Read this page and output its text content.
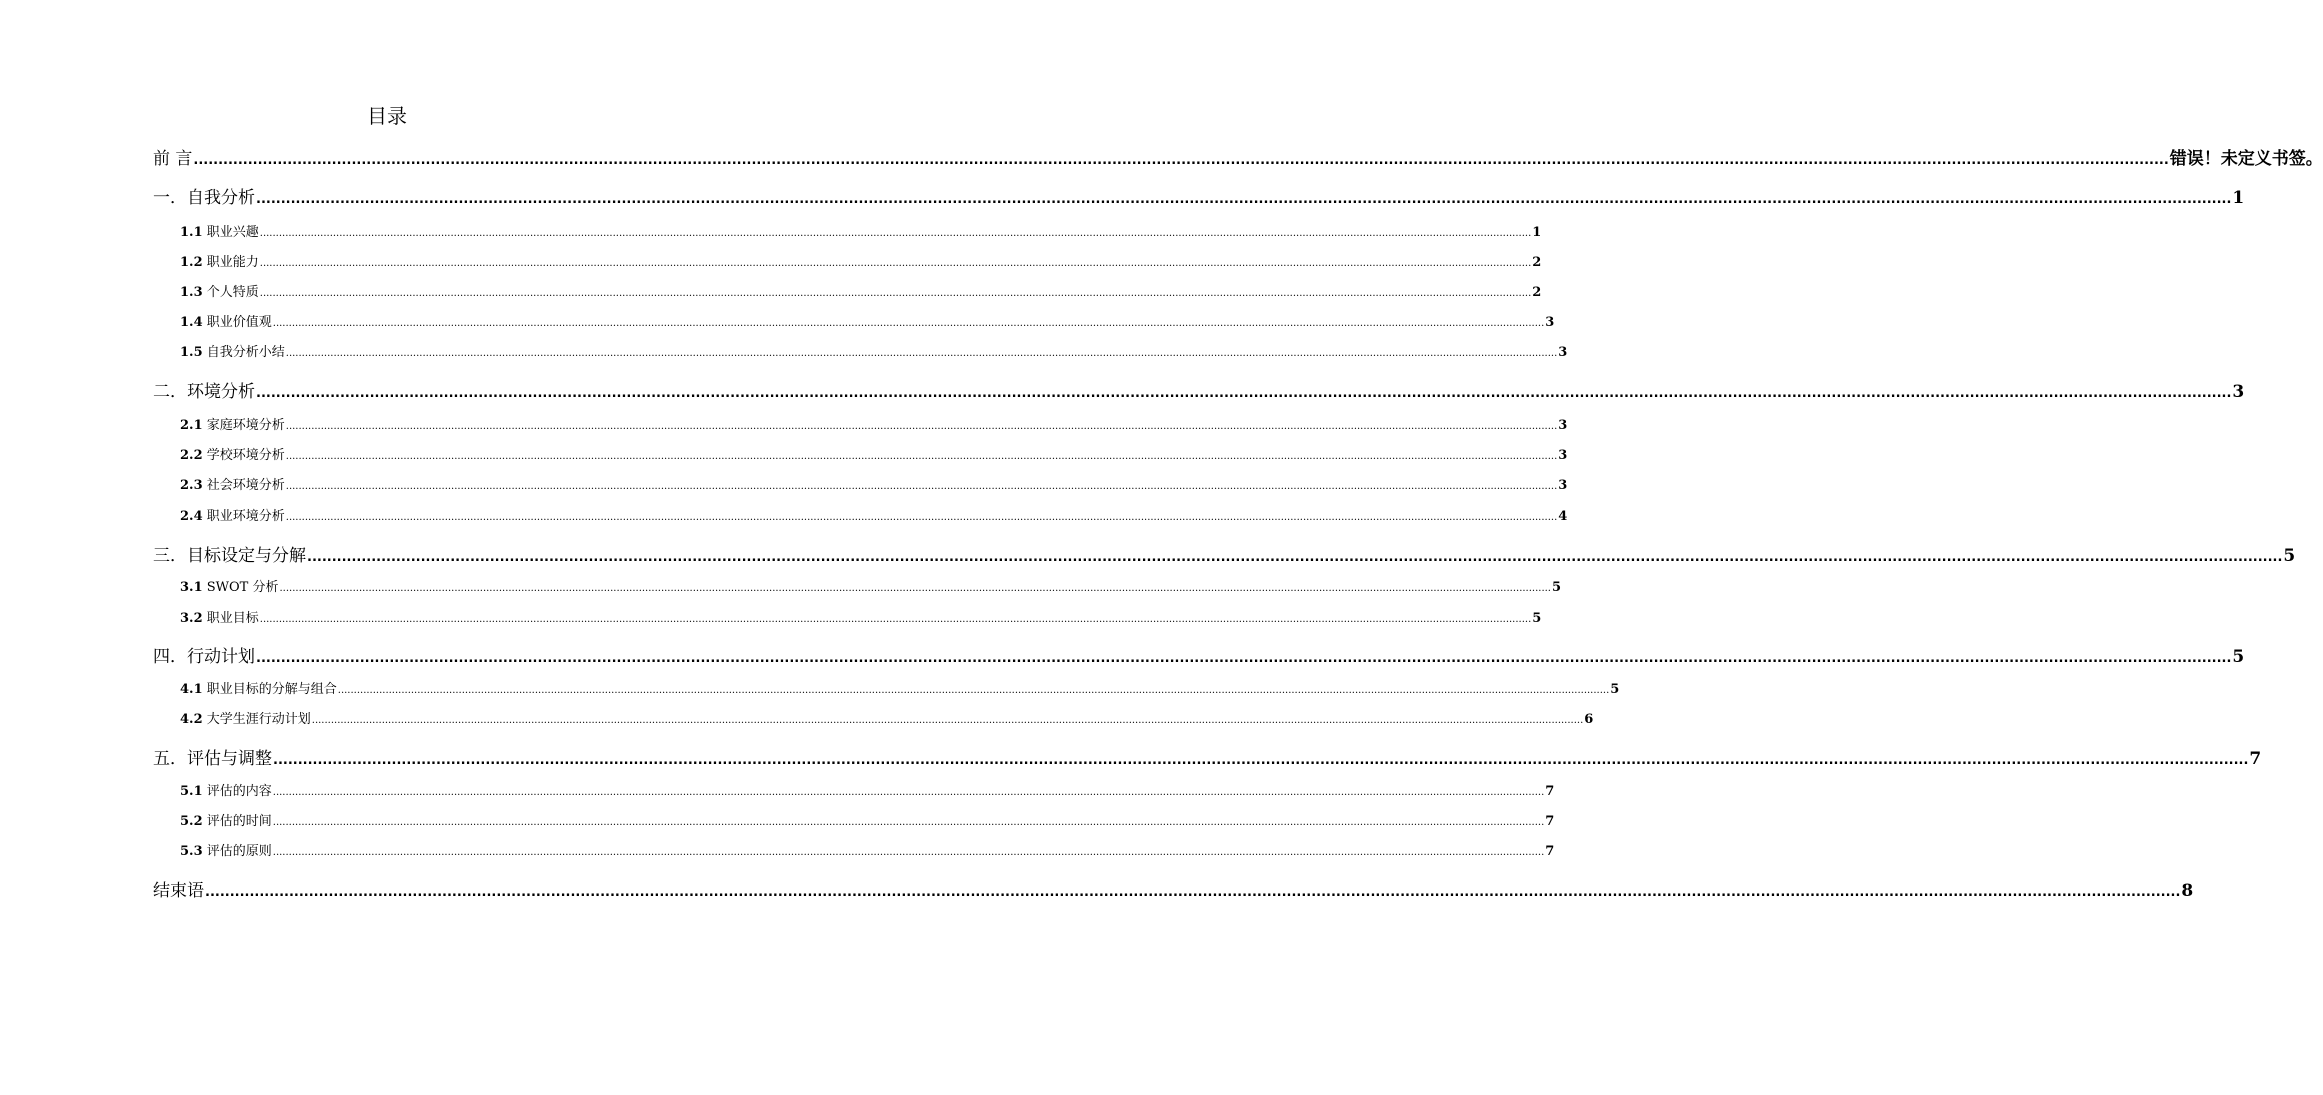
目录
前 言 ................................................................................................................................................................................................................................................................................................................................................................................................................ 错误！未定义书签。
一．自我分析 ................................................................................................................................................................................................................................................................................................................................................................................................................ 1
1.1 职业兴趣 ................................................................................................................................................................................................................................................................................................................................................................................................................ 1
1.2 职业能力 ................................................................................................................................................................................................................................................................................................................................................................................................................ 2
1.3 个人特质 ................................................................................................................................................................................................................................................................................................................................................................................................................ 2
1.4 职业价值观 ................................................................................................................................................................................................................................................................................................................................................................................................................ 3
1.5 自我分析小结 ................................................................................................................................................................................................................................................................................................................................................................................................................ 3
二．环境分析 ................................................................................................................................................................................................................................................................................................................................................................................................................ 3
2.1 家庭环境分析 ................................................................................................................................................................................................................................................................................................................................................................................................................ 3
2.2 学校环境分析 ................................................................................................................................................................................................................................................................................................................................................................................................................ 3
2.3 社会环境分析 ................................................................................................................................................................................................................................................................................................................................................................................................................ 3
2.4 职业环境分析 ................................................................................................................................................................................................................................................................................................................................................................................................................ 4
三．目标设定与分解 ................................................................................................................................................................................................................................................................................................................................................................................................................ 5
3.1 SWOT 分析 ................................................................................................................................................................................................................................................................................................................................................................................................................ 5
3.2 职业目标 ................................................................................................................................................................................................................................................................................................................................................................................................................ 5
四．行动计划 ................................................................................................................................................................................................................................................................................................................................................................................................................ 5
4.1 职业目标的分解与组合 ................................................................................................................................................................................................................................................................................................................................................................................................................ 5
4.2 大学生涯行动计划 ................................................................................................................................................................................................................................................................................................................................................................................................................ 6
五．评估与调整 ................................................................................................................................................................................................................................................................................................................................................................................................................ 7
5.1 评估的内容 ................................................................................................................................................................................................................................................................................................................................................................................................................ 7
5.2 评估的时间 ................................................................................................................................................................................................................................................................................................................................................................................................................ 7
5.3 评估的原则 ................................................................................................................................................................................................................................................................................................................................................................................................................ 7
结束语 ................................................................................................................................................................................................................................................................................................................................................................................................................ 8
